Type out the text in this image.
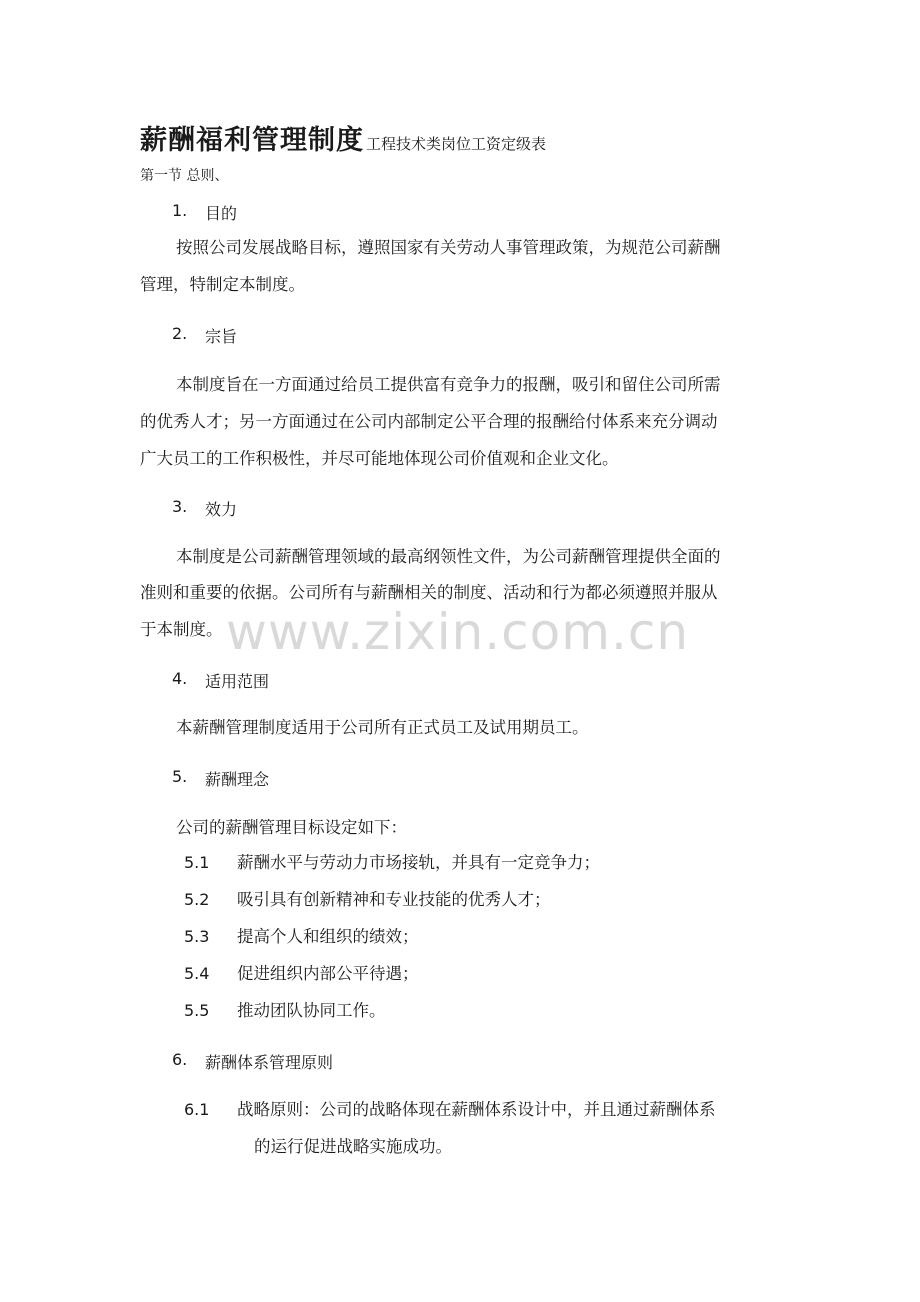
薪酬福利管理制度 工程技术类岗位工资定级表
第一节 总则、
1. 目的
按照公司发展战略目标，遵照国家有关劳动人事管理政策，为规范公司薪酬
管理，特制定本制度。
2. 宗旨
本制度旨在一方面通过给员工提供富有竞争力的报酬，吸引和留住公司所需
的优秀人才；另一方面通过在公司内部制定公平合理的报酬给付体系来充分调动
广大员工的工作积极性，并尽可能地体现公司价值观和企业文化。
3. 效力
本制度是公司薪酬管理领域的最高纲领性文件，为公司薪酬管理提供全面的
准则和重要的依据。公司所有与薪酬相关的制度、活动和行为都必须遵照并服从
于本制度。
4. 适用范围
本薪酬管理制度适用于公司所有正式员工及试用期员工。
5. 薪酬理念
公司的薪酬管理目标设定如下：
5.1 薪酬水平与劳动力市场接轨，并具有一定竞争力；
5.2 吸引具有创新精神和专业技能的优秀人才；
5.3 提高个人和组织的绩效；
5.4 促进组织内部公平待遇；
5.5 推动团队协同工作。
6. 薪酬体系管理原则
6.1 战略原则：公司的战略体现在薪酬体系设计中，并且通过薪酬体系
的运行促进战略实施成功。
www.zixin.com.cn
